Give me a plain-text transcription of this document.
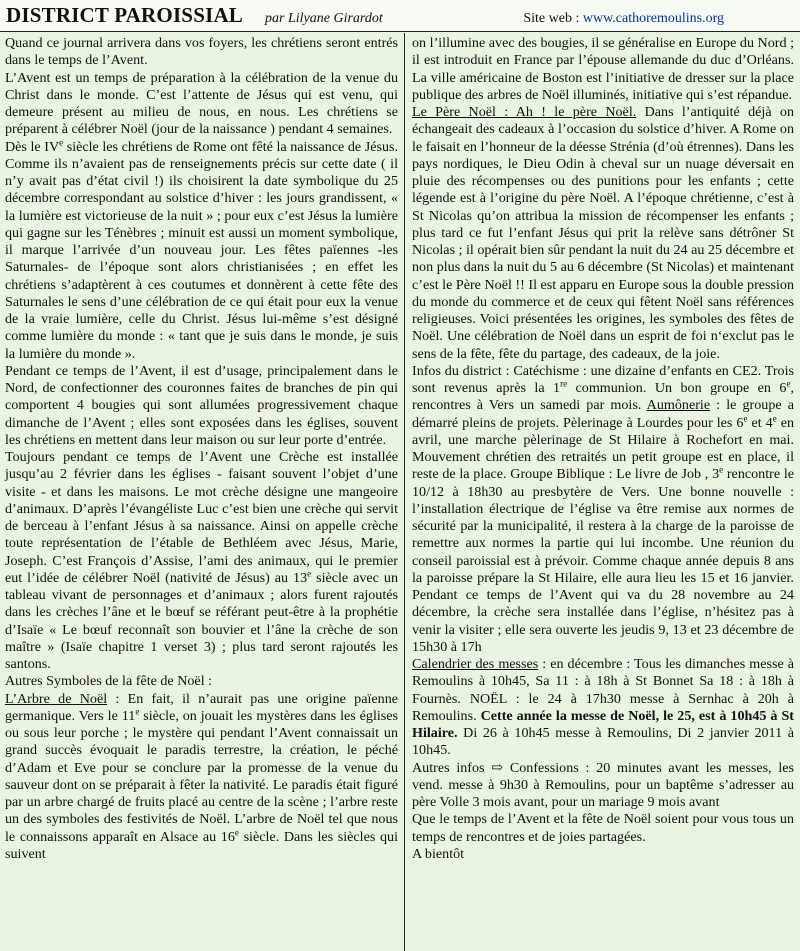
DISTRICT PAROISSIAL par Lilyane Girardot	Site web : www.cathoremoulins.org

Quand ce journal arrivera dans vos foyers, les chrétiens seront entrés dans le temps de l’Avent.

L’Avent est un temps de préparation à la célébration de la venue du Christ dans le monde. C’est l’attente de Jésus qui est venu, qui demeure présent au milieu de nous, en nous. Les chrétiens se préparent à célébrer Noël (jour de la naissance ) pendant 4 semaines.

Dès le IVe siècle les chrétiens de Rome ont fêté la naissance de Jésus. Comme ils n’avaient pas de renseignements précis sur cette date ( il n’y avait pas d’état civil !) ils choisirent la date symbolique du 25 décembre correspondant au solstice d’hiver : les jours grandissent, « la lumière est victorieuse de la nuit » ; pour eux c’est Jésus la lumière qui gagne sur les Ténèbres ; minuit est aussi un moment symbolique, il marque l’arrivée d’un nouveau jour. Les fêtes païennes -les Saturnales- de l’époque sont alors christianisées ; en effet les chrétiens s’adaptèrent à ces coutumes et donnèrent à cette fête des Saturnales le sens d’une célébration de ce qui était pour eux la venue de la vraie lumière, celle du Christ. Jésus lui-même s’est désigné comme lumière du monde : « tant que je suis dans le monde, je suis la lumière du monde ».

Pendant ce temps de l’Avent, il est d’usage, principalement dans le Nord, de confectionner des couronnes faites de branches de pin qui comportent 4 bougies qui sont allumées progressivement chaque dimanche de l’Avent ; elles sont exposées dans les églises, souvent les chrétiens en mettent dans leur maison ou sur leur porte d’entrée.

Toujours pendant ce temps de l’Avent une Crèche est installée jusqu’au 2 février dans les églises - faisant souvent l’objet d’une visite - et dans les maisons. Le mot crèche désigne une mangeoire d’animaux. D’après l’évangéliste Luc c’est bien une crèche qui servit de berceau à l’enfant Jésus à sa naissance. Ainsi on appelle crèche toute représentation de l’étable de Bethléem avec Jésus, Marie, Joseph. C’est François d’Assise, l’ami des animaux, qui le premier eut l’idée de célébrer Noël (nativité de Jésus) au 13e siècle avec un tableau vivant de personnages et d’animaux ; alors furent rajoutés dans les crèches l’âne et le bœuf se référant peut-être à la prophétie d’Isaïe « Le bœuf reconnaît son bouvier et l’âne la crèche de son maître » (Isaïe chapitre 1 verset 3) ; plus tard seront rajoutés les santons.

Autres Symboles de la fête de Noël :

L’Arbre de Noël : En fait, il n’aurait pas une origine païenne germanique. Vers le 11e siècle, on jouait les mystères dans les églises ou sous leur porche ; le mystère qui pendant l’Avent connaissait un grand succès évoquait le paradis terrestre, la création, le péché d’Adam et Eve pour se conclure par la promesse de la venue du sauveur dont on se préparait à fêter la nativité. Le paradis était figuré par un arbre chargé de fruits placé au centre de la scène ; l’arbre reste un des symboles des festivités de Noël. L’arbre de Noël tel que nous le connaissons apparaît en Alsace au 16e siècle. Dans les siècles qui suivent

on l’illumine avec des bougies, il se généralise en Europe du Nord ; il est introduit en France par l’épouse allemande du duc d’Orléans. La ville américaine de Boston est l’initiative de dresser sur la place publique des arbres de Noël illuminés, initiative qui s’est répandue.

Le Père Noël : Ah ! le père Noël. Dans l’antiquité déjà on échangeait des cadeaux à l’occasion du solstice d’hiver. A Rome on le faisait en l’honneur de la déesse Strénia (d’où étrennes). Dans les pays nordiques, le Dieu Odin à cheval sur un nuage déversait en pluie des récompenses ou des punitions pour les enfants ; cette légende est à l’origine du père Noël. A l’époque chrétienne, c’est à St Nicolas qu’on attribua la mission de récompenser les enfants ; plus tard ce fut l’enfant Jésus qui prit la relève sans détrôner St Nicolas ; il opérait bien sûr pendant la nuit du 24 au 25 décembre et non plus dans la nuit du 5 au 6 décembre (St Nicolas) et maintenant c’est le Père Noël !! Il est apparu en Europe sous la double pression du monde du commerce et de ceux qui fêtent Noël sans références religieuses. Voici présentées les origines, les symboles des fêtes de Noël. Une célébration de Noël dans un esprit de foi n‘exclut pas le sens de la fête, fête du partage, des cadeaux, de la joie.

Infos du district : Catéchisme : une dizaine d’enfants en CE2. Trois sont revenus après la 1re communion. Un bon groupe en 6e, rencontres à Vers un samedi par mois. Aumônerie : le groupe a démarré pleins de projets. Pèlerinage à Lourdes pour les 6e et 4e en avril, une marche pèlerinage de St Hilaire à Rochefort en mai. Mouvement chrétien des retraités un petit groupe est en place, il reste de la place. Groupe Biblique : Le livre de Job , 3e rencontre le 10/12 à 18h30 au presbytère de Vers. Une bonne nouvelle : l’installation électrique de l’église va être remise aux normes de sécurité par la municipalité, il restera à la charge de la paroisse de remettre aux normes la partie qui lui incombe. Une réunion du conseil paroissial est à prévoir. Comme chaque année depuis 8 ans la paroisse prépare la St Hilaire, elle aura lieu les 15 et 16 janvier. Pendant ce temps de l’Avent qui va du 28 novembre au 24 décembre, la crèche sera installée dans l’église, n’hésitez pas à venir la visiter ; elle sera ouverte les jeudis 9, 13 et 23 décembre de 15h30 à 17h

Calendrier des messes : en décembre : Tous les dimanches messe à Remoulins à 10h45, Sa 11 : à 18h à St Bonnet Sa 18 : à 18h à Fournès. NOËL : le 24 à 17h30 messe à Sernhac à 20h à Remoulins. Cette année la messe de Noël, le 25, est à 10h45 à St Hilaire. Di 26 à 10h45 messe à Remoulins, Di 2 janvier 2011 à 10h45.

Autres infos ⇨ Confessions : 20 minutes avant les messes, les vend. messe à 9h30 à Remoulins, pour un baptême s’adresser au père Volle 3 mois avant, pour un mariage 9 mois avant

Que le temps de l’Avent et la fête de Noël soient pour vous tous un temps de rencontres et de joies partagées.

A bientôt
